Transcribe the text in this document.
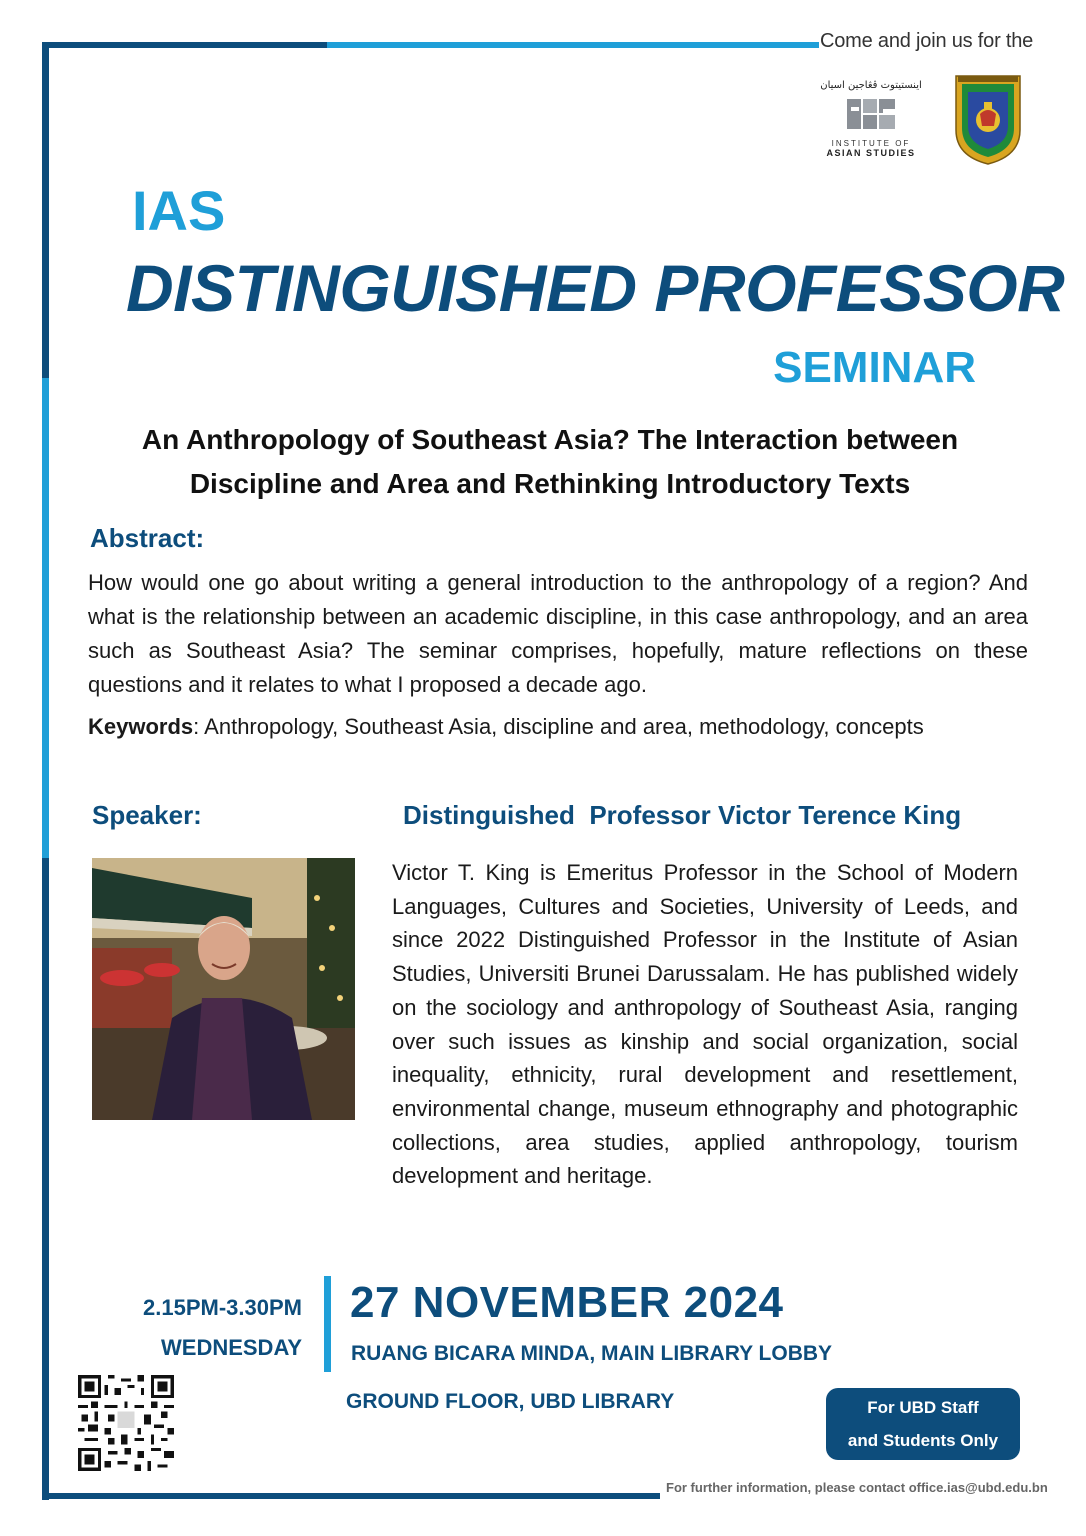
Come and join us for the
اينستيتوت ڤڠاجين اسيان
INSTITUTE OF
ASIAN STUDIES
IAS
DISTINGUISHED PROFESSOR
SEMINAR
An Anthropology of Southeast Asia? The Interaction between
Discipline and Area and Rethinking Introductory Texts
Abstract:
How would one go about writing a general introduction to the anthropology of a region? And what is the relationship between an academic discipline, in this case anthropology, and an area such as Southeast Asia? The seminar comprises, hopefully, mature reflections on these questions and it relates to what I proposed a decade ago.
Keywords: Anthropology, Southeast Asia, discipline and area, methodology, concepts
Speaker:	Distinguished  Professor Victor Terence King
Victor T. King is Emeritus Professor in the School of Modern Languages, Cultures and Societies, University of Leeds, and since 2022 Distinguished Professor in the Institute of Asian Studies, Universiti Brunei Darussalam. He has published widely on the sociology and anthropology of Southeast Asia, ranging over such issues as kinship and social organization, social inequality, ethnicity, rural development and resettlement, environmental change, museum ethnography and photographic collections, area studies, applied anthropology, tourism development and heritage.
2.15PM-3.30PM
WEDNESDAY
27 NOVEMBER 2024
RUANG BICARA MINDA, MAIN LIBRARY LOBBY
GROUND FLOOR, UBD LIBRARY	For UBD Staff
and Students Only
For further information, please contact office.ias@ubd.edu.bn
